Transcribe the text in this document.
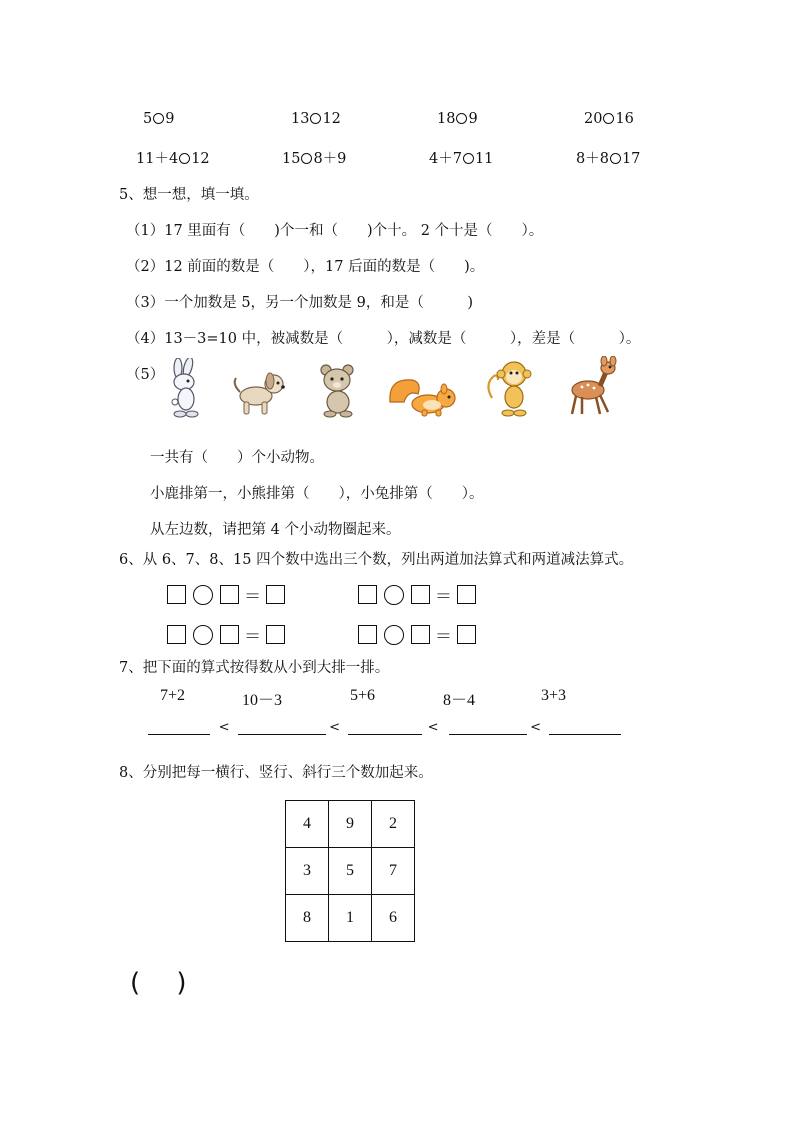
5 9	13 12	18 9	20 16
11＋4 12	15 8＋9	4＋7 11	8＋8 17
5、想一想，填一填。
（1）17 里面有（　　)个一和（　　)个十。 2 个十是（　　）。
（2）12 前面的数是（　　），17 后面的数是（　　)。
（3）一个加数是 5，另一个加数是 9，和是（　　　)
（4）13－3=10 中，被减数是（　　　），减数是（　　　），差是（　　　）。
（5）
一共有（　　）个小动物。
小鹿排第一，小熊排第（　　），小兔排第（　　）。
从左边数，请把第 4 个小动物圈起来。
6、从 6、7、8、15 四个数中选出三个数，列出两道加法算式和两道减法算式。
＝	＝
＝	＝
7、把下面的算式按得数从小到大排一排。
7+2	10－3	5+6	8－4	3+3
<	<	<	<
8、分别把每一横行、竖行、斜行三个数加起来。
4	9	2
3	5	7
8	1	6
( )
